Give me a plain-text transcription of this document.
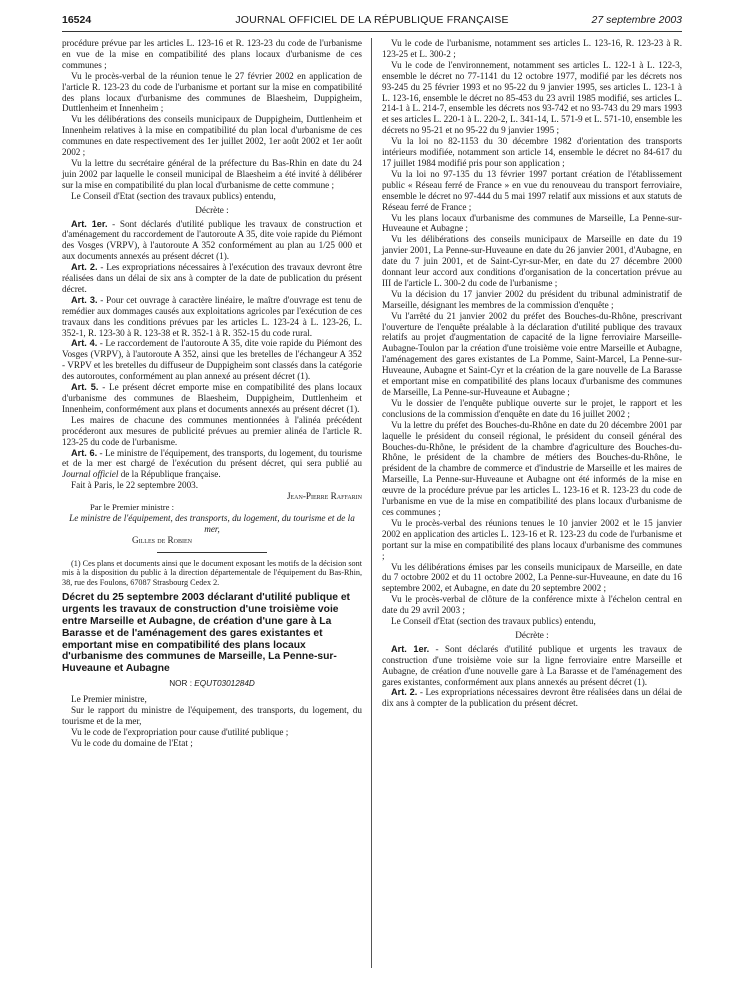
16524	JOURNAL OFFICIEL DE LA RÉPUBLIQUE FRANÇAISE	27 septembre 2003

procédure prévue par les articles L. 123-16 et R. 123-23 du code de l'urbanisme en vue de la mise en compatibilité des plans locaux d'urbanisme de ces communes ;

Vu le procès-verbal de la réunion tenue le 27 février 2002 en application de l'article R. 123-23 du code de l'urbanisme et portant sur la mise en compatibilité des plans locaux d'urbanisme des communes de Blaesheim, Duppigheim, Duttlenheim et Innenheim ;

Vu les délibérations des conseils municipaux de Duppigheim, Duttlenheim et Innenheim relatives à la mise en compatibilité du plan local d'urbanisme de ces communes en date respectivement des 1er juillet 2002, 1er août 2002 et 1er août 2002 ;

Vu la lettre du secrétaire général de la préfecture du Bas-Rhin en date du 24 juin 2002 par laquelle le conseil municipal de Blaesheim a été invité à délibérer sur la mise en compatibilité du plan local d'urbanisme de cette commune ;

Le Conseil d'Etat (section des travaux publics) entendu,

Décrète :

Art. 1er. - Sont déclarés d'utilité publique les travaux de construction et d'aménagement du raccordement de l'autoroute A 35, dite voie rapide du Piémont des Vosges (VRPV), à l'autoroute A 352 conformément au plan au 1/25 000 et aux documents annexés au présent décret (1).

Art. 2. - Les expropriations nécessaires à l'exécution des travaux devront être réalisées dans un délai de six ans à compter de la date de publication du présent décret.

Art. 3. - Pour cet ouvrage à caractère linéaire, le maître d'ouvrage est tenu de remédier aux dommages causés aux exploitations agricoles par l'exécution de ces travaux dans les conditions prévues par les articles L. 123-24 à L. 123-26, L. 352-1, R. 123-30 à R. 123-38 et R. 352-1 à R. 352-15 du code rural.

Art. 4. - Le raccordement de l'autoroute A 35, dite voie rapide du Piémont des Vosges (VRPV), à l'autoroute A 352, ainsi que les bretelles de l'échangeur A 352 - VRPV et les bretelles du diffuseur de Duppigheim sont classés dans la catégorie des autoroutes, conformément au plan annexé au présent décret (1).

Art. 5. - Le présent décret emporte mise en compatibilité des plans locaux d'urbanisme des communes de Blaesheim, Duppigheim, Duttlenheim et Innenheim, conformément aux plans et documents annexés au présent décret (1).

Les maires de chacune des communes mentionnées à l'alinéa précédent procéderont aux mesures de publicité prévues au premier alinéa de l'article R. 123-25 du code de l'urbanisme.

Art. 6. - Le ministre de l'équipement, des transports, du logement, du tourisme et de la mer est chargé de l'exécution du présent décret, qui sera publié au Journal officiel de la République française.

Fait à Paris, le 22 septembre 2003.

Jean-Pierre Raffarin

Par le Premier ministre :

Le ministre de l'équipement, des transports, du logement, du tourisme et de la mer,

Gilles de Robien

(1) Ces plans et documents ainsi que le document exposant les motifs de la décision sont mis à la disposition du public à la direction départementale de l'équipement du Bas-Rhin, 38, rue des Foulons, 67087 Strasbourg Cedex 2.

Décret du 25 septembre 2003 déclarant d'utilité publique et urgents les travaux de construction d'une troisième voie entre Marseille et Aubagne, de création d'une gare à La Barasse et de l'aménagement des gares existantes et emportant mise en compatibilité des plans locaux d'urbanisme des communes de Marseille, La Penne-sur-Huveaune et Aubagne

NOR : EQUT0301284D

Le Premier ministre,

Sur le rapport du ministre de l'équipement, des transports, du logement, du tourisme et de la mer,

Vu le code de l'expropriation pour cause d'utilité publique ;

Vu le code du domaine de l'Etat ;

Vu le code de l'urbanisme, notamment ses articles L. 123-16, R. 123-23 à R. 123-25 et L. 300-2 ;

Vu le code de l'environnement, notamment ses articles L. 122-1 à L. 122-3, ensemble le décret no 77-1141 du 12 octobre 1977, modifié par les décrets nos 93-245 du 25 février 1993 et no 95-22 du 9 janvier 1995, ses articles L. 123-1 à L. 123-16, ensemble le décret no 85-453 du 23 avril 1985 modifié, ses articles L. 214-1 à L. 214-7, ensemble les décrets nos 93-742 et no 93-743 du 29 mars 1993 et ses articles L. 220-1 à L. 220-2, L. 341-14, L. 571-9 et L. 571-10, ensemble les décrets no 95-21 et no 95-22 du 9 janvier 1995 ;

Vu la loi no 82-1153 du 30 décembre 1982 d'orientation des transports intérieurs modifiée, notamment son article 14, ensemble le décret no 84-617 du 17 juillet 1984 modifié pris pour son application ;

Vu la loi no 97-135 du 13 février 1997 portant création de l'établissement public « Réseau ferré de France » en vue du renouveau du transport ferroviaire, ensemble le décret no 97-444 du 5 mai 1997 relatif aux missions et aux statuts de Réseau ferré de France ;

Vu les plans locaux d'urbanisme des communes de Marseille, La Penne-sur-Huveaune et Aubagne ;

Vu les délibérations des conseils municipaux de Marseille en date du 19 janvier 2001, La Penne-sur-Huveaune en date du 26 janvier 2001, d'Aubagne, en date du 7 juin 2001, et de Saint-Cyr-sur-Mer, en date du 27 décembre 2000 donnant leur accord aux conditions d'organisation de la concertation prévue au III de l'article L. 300-2 du code de l'urbanisme ;

Vu la décision du 17 janvier 2002 du président du tribunal administratif de Marseille, désignant les membres de la commission d'enquête ;

Vu l'arrêté du 21 janvier 2002 du préfet des Bouches-du-Rhône, prescrivant l'ouverture de l'enquête préalable à la déclaration d'utilité publique des travaux relatifs au projet d'augmentation de capacité de la ligne ferroviaire Marseille-Aubagne-Toulon par la création d'une troisième voie entre Marseille et Aubagne, l'aménagement des gares existantes de La Pomme, Saint-Marcel, La Penne-sur-Huveaune, Aubagne et Saint-Cyr et la création de la gare nouvelle de La Barasse et emportant mise en compatibilité des plans locaux d'urbanisme des communes de Marseille, La Penne-sur-Huveaune et Aubagne ;

Vu le dossier de l'enquête publique ouverte sur le projet, le rapport et les conclusions de la commission d'enquête en date du 16 juillet 2002 ;

Vu la lettre du préfet des Bouches-du-Rhône en date du 20 décembre 2001 par laquelle le président du conseil régional, le président du conseil général des Bouches-du-Rhône, le président de la chambre d'agriculture des Bouches-du-Rhône, le président de la chambre de métiers des Bouches-du-Rhône, le président de la chambre de commerce et d'industrie de Marseille et les maires de Marseille, La Penne-sur-Huveaune et Aubagne ont été informés de la mise en œuvre de la procédure prévue par les articles L. 123-16 et R. 123-23 du code de l'urbanisme en vue de la mise en compatibilité des plans locaux d'urbanisme de ces communes ;

Vu le procès-verbal des réunions tenues le 10 janvier 2002 et le 15 janvier 2002 en application des articles L. 123-16 et R. 123-23 du code de l'urbanisme et portant sur la mise en compatibilité des plans locaux d'urbanisme des communes ;

Vu les délibérations émises par les conseils municipaux de Marseille, en date du 7 octobre 2002 et du 11 octobre 2002, La Penne-sur-Huveaune, en date du 16 septembre 2002, et Aubagne, en date du 20 septembre 2002 ;

Vu le procès-verbal de clôture de la conférence mixte à l'échelon central en date du 29 avril 2003 ;

Le Conseil d'Etat (section des travaux publics) entendu,

Décrète :

Art. 1er. - Sont déclarés d'utilité publique et urgents les travaux de construction d'une troisième voie sur la ligne ferroviaire entre Marseille et Aubagne, de création d'une nouvelle gare à La Barasse et de l'aménagement des gares existantes, conformément aux plans annexés au présent décret (1).

Art. 2. - Les expropriations nécessaires devront être réalisées dans un délai de dix ans à compter de la publication du présent décret.
